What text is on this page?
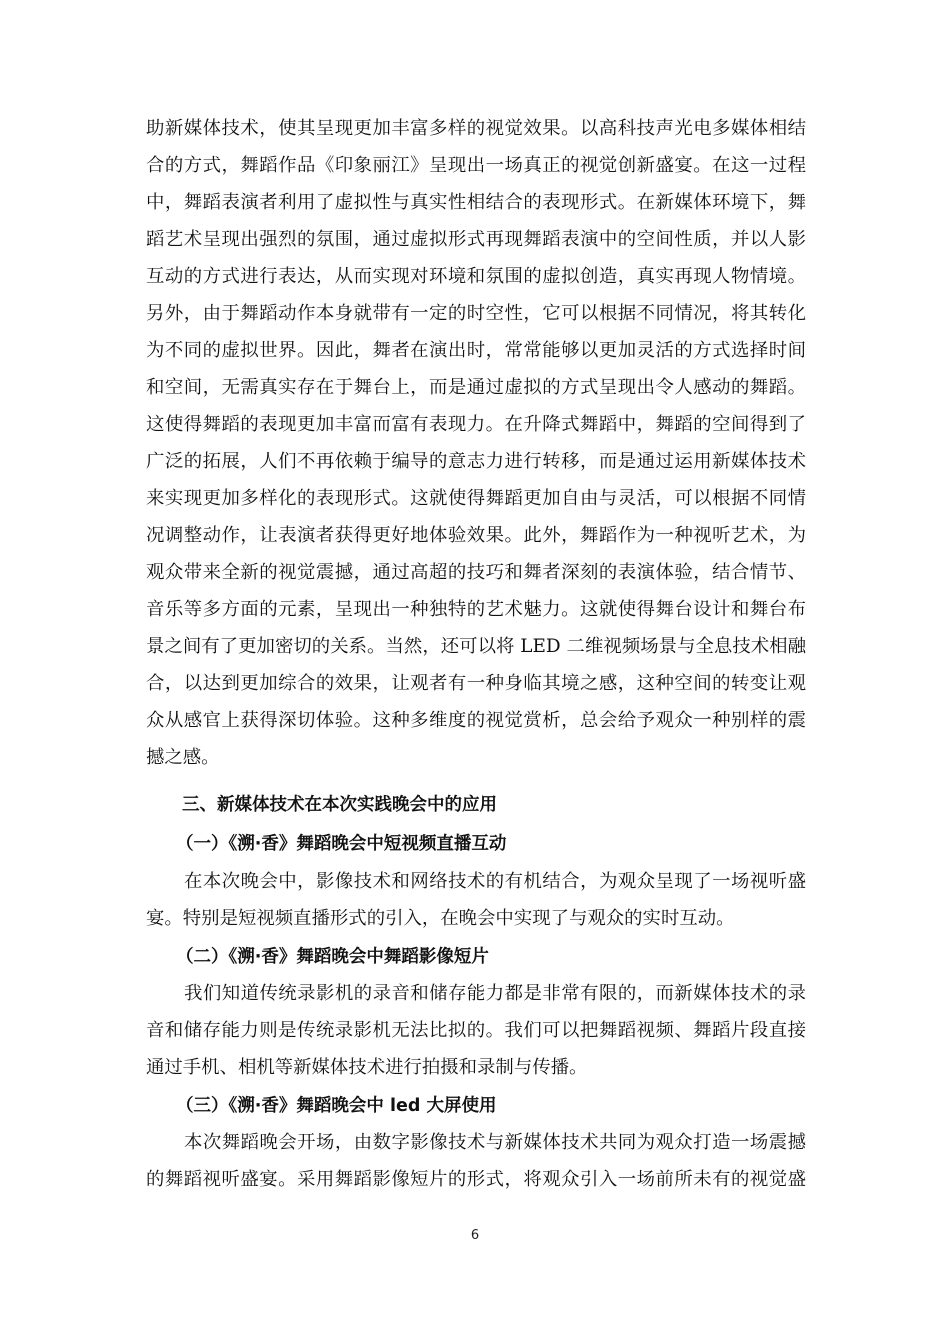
助新媒体技术，使其呈现更加丰富多样的视觉效果。以高科技声光电多媒体相结
合的方式，舞蹈作品《印象丽江》呈现出一场真正的视觉创新盛宴。在这一过程
中，舞蹈表演者利用了虚拟性与真实性相结合的表现形式。在新媒体环境下，舞
蹈艺术呈现出强烈的氛围，通过虚拟形式再现舞蹈表演中的空间性质，并以人影
互动的方式进行表达，从而实现对环境和氛围的虚拟创造，真实再现人物情境。
另外，由于舞蹈动作本身就带有一定的时空性，它可以根据不同情况，将其转化
为不同的虚拟世界。因此，舞者在演出时，常常能够以更加灵活的方式选择时间
和空间，无需真实存在于舞台上，而是通过虚拟的方式呈现出令人感动的舞蹈。
这使得舞蹈的表现更加丰富而富有表现力。在升降式舞蹈中，舞蹈的空间得到了
广泛的拓展，人们不再依赖于编导的意志力进行转移，而是通过运用新媒体技术
来实现更加多样化的表现形式。这就使得舞蹈更加自由与灵活，可以根据不同情
况调整动作，让表演者获得更好地体验效果。此外，舞蹈作为一种视听艺术，为
观众带来全新的视觉震撼，通过高超的技巧和舞者深刻的表演体验，结合情节、
音乐等多方面的元素，呈现出一种独特的艺术魅力。这就使得舞台设计和舞台布
景之间有了更加密切的关系。当然，还可以将 LED 二维视频场景与全息技术相融
合，以达到更加综合的效果，让观者有一种身临其境之感，这种空间的转变让观
众从感官上获得深切体验。这种多维度的视觉赏析，总会给予观众一种别样的震
撼之感。
三、新媒体技术在本次实践晚会中的应用
（一）《溯·香》舞蹈晚会中短视频直播互动
在本次晚会中，影像技术和网络技术的有机结合，为观众呈现了一场视听盛
宴。特别是短视频直播形式的引入，在晚会中实现了与观众的实时互动。
（二）《溯·香》舞蹈晚会中舞蹈影像短片
我们知道传统录影机的录音和储存能力都是非常有限的，而新媒体技术的录
音和储存能力则是传统录影机无法比拟的。我们可以把舞蹈视频、舞蹈片段直接
通过手机、相机等新媒体技术进行拍摄和录制与传播。
（三）《溯·香》舞蹈晚会中 led 大屏使用
本次舞蹈晚会开场，由数字影像技术与新媒体技术共同为观众打造一场震撼
的舞蹈视听盛宴。采用舞蹈影像短片的形式，将观众引入一场前所未有的视觉盛
6
